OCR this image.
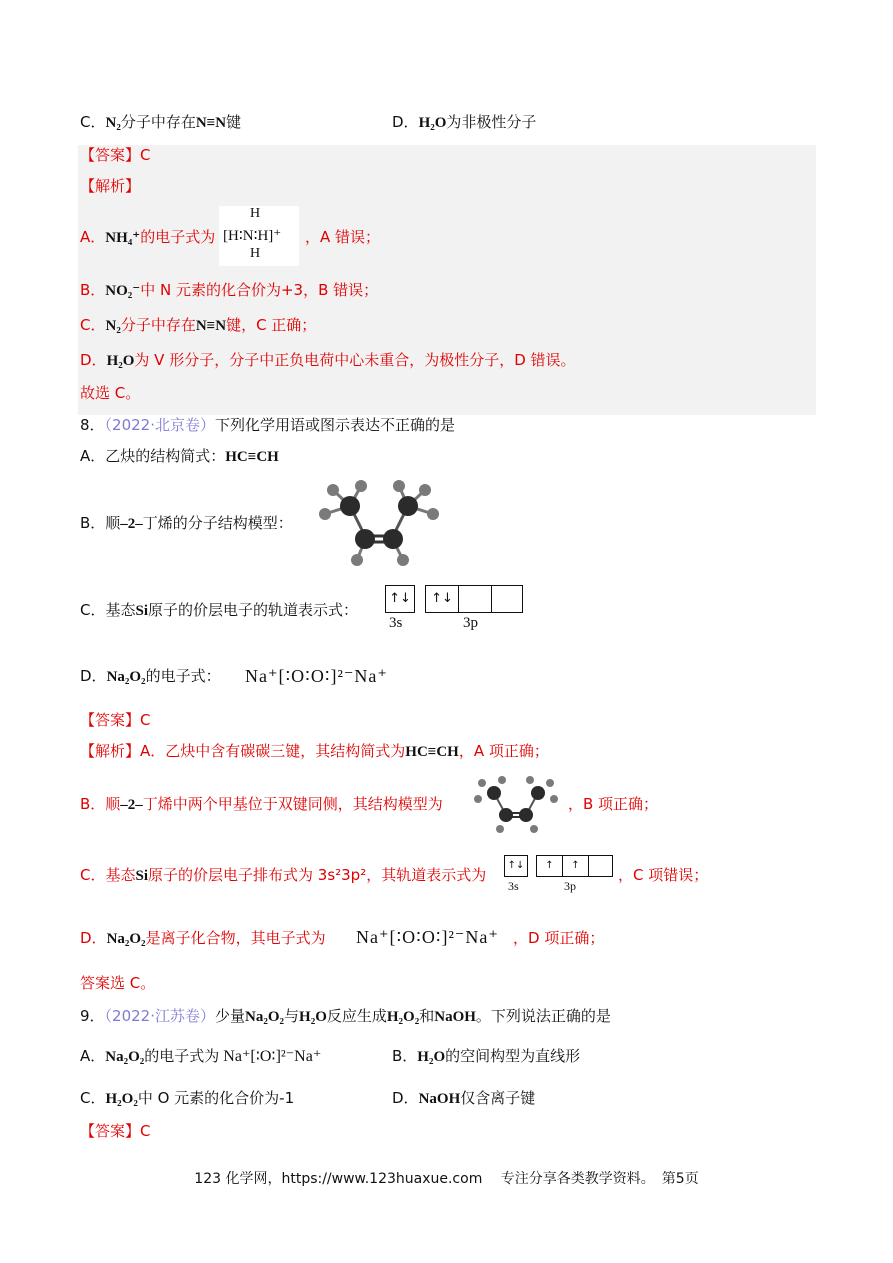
C．N₂分子中存在N≡N键	D．H₂O为非极性分子
【答案】C
【解析】
A．NH₄⁺的电子式为
H
[H∶N∶H]⁺
H
，A 错误；
B．NO₂⁻中 N 元素的化合价为+3，B 错误；
C．N₂分子中存在N≡N键，C 正确；
D．H₂O为 V 形分子，分子中正负电荷中心未重合，为极性分子，D 错误。
故选 C。
8．（2022·北京卷）下列化学用语或图示表达不正确的是
A．乙炔的结构简式：HC≡CH
B．顺–2–丁烯的分子结构模型：
C．基态Si原子的价层电子的轨道表示式：
↑↓	↑↓
3s	3p
D．Na₂O₂的电子式： Na⁺[∶O∶O∶]²⁻Na⁺
【答案】C
【解析】A．乙炔中含有碳碳三键，其结构简式为HC≡CH，A 项正确；
B．顺–2–丁烯中两个甲基位于双键同侧，其结构模型为	，B 项正确；
C．基态Si原子的价层电子排布式为 3s²3p²，其轨道表示式为
↑↓	↑	↑
3s	3p
，C 项错误；
D．Na₂O₂是离子化合物，其电子式为 Na⁺[∶O∶O∶]²⁻Na⁺ ，D 项正确；
答案选 C。
9．（2022·江苏卷）少量Na₂O₂与H₂O反应生成H₂O₂和NaOH。下列说法正确的是
A．Na₂O₂的电子式为 Na⁺[∶O∶]²⁻Na⁺	B．H₂O的空间构型为直线形
C．H₂O₂中 O 元素的化合价为-1	D．NaOH仅含离子键
【答案】C
123 化学网，https://www.123huaxue.com　 专注分享各类教学资料。　第5页
